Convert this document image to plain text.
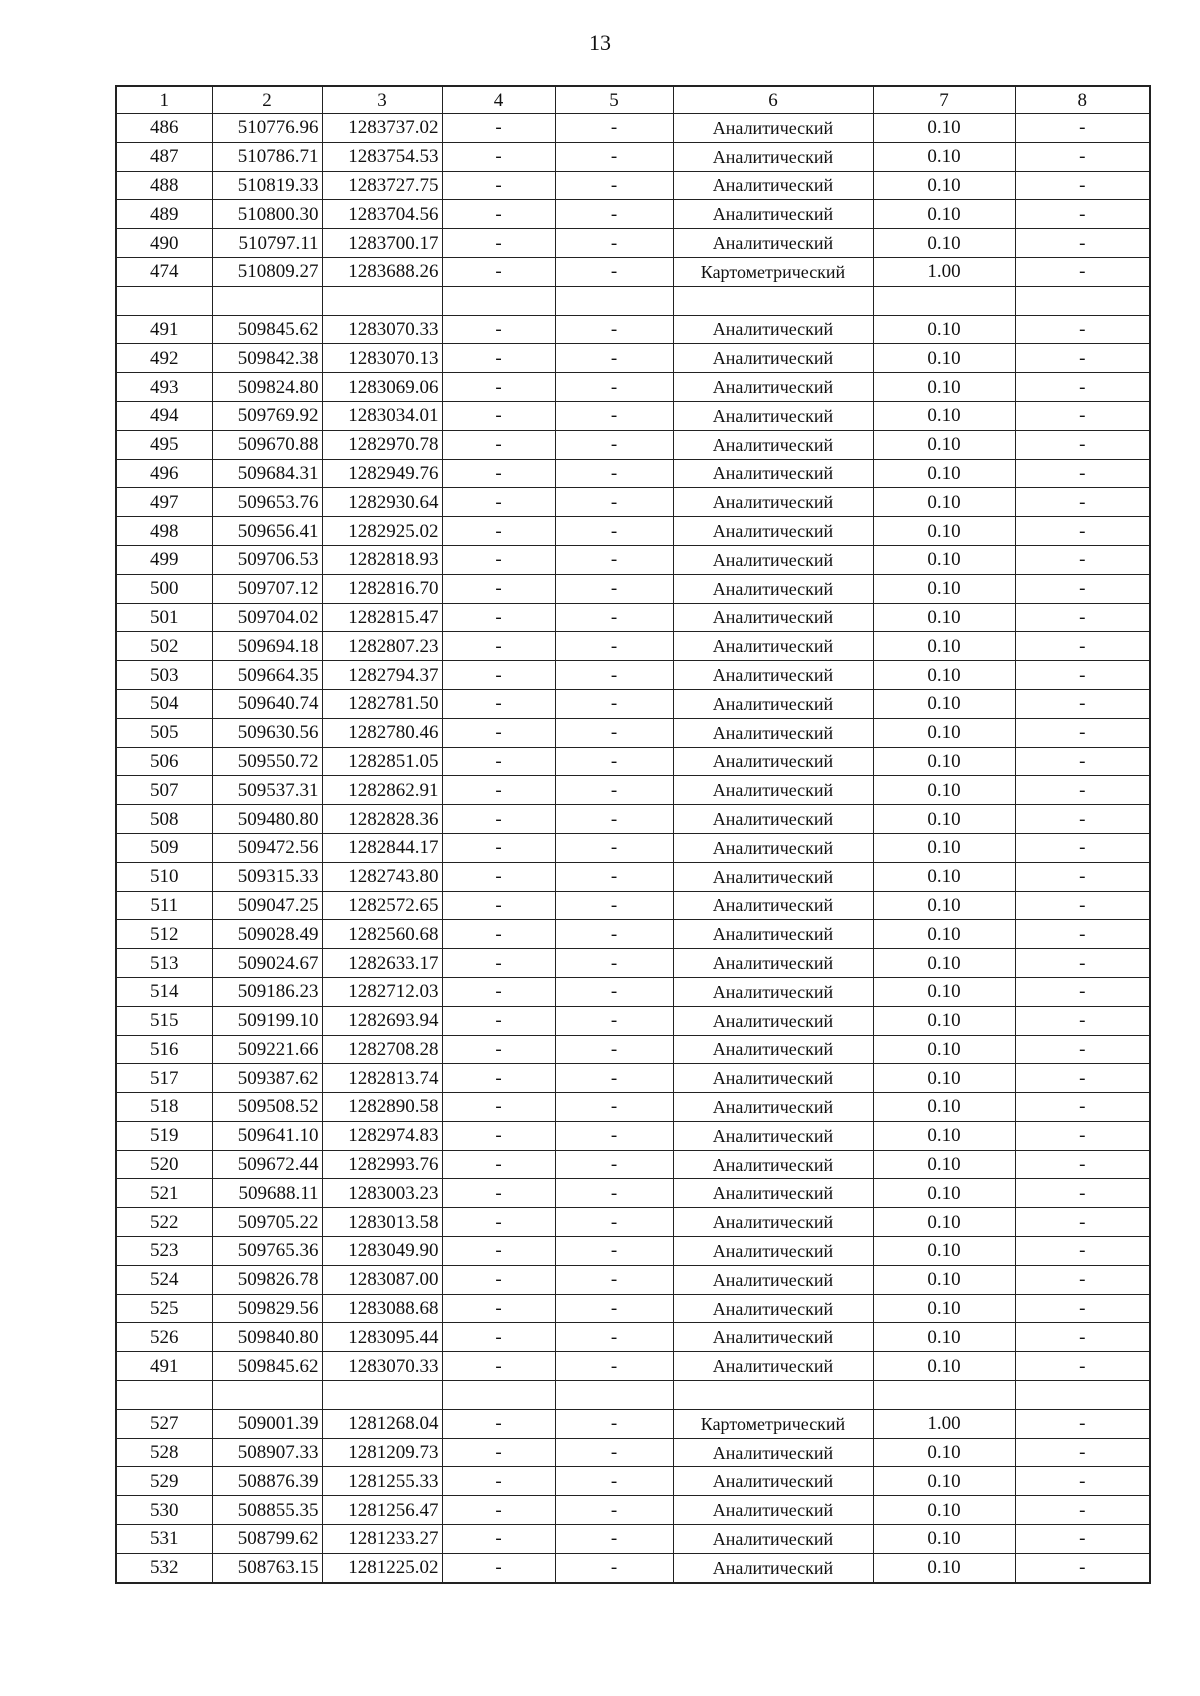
13
1	2	3	4	5	6	7	8
486	510776.96	1283737.02	-	-	Аналитический	0.10	-
487	510786.71	1283754.53	-	-	Аналитический	0.10	-
488	510819.33	1283727.75	-	-	Аналитический	0.10	-
489	510800.30	1283704.56	-	-	Аналитический	0.10	-
490	510797.11	1283700.17	-	-	Аналитический	0.10	-
474	510809.27	1283688.26	-	-	Картометрический	1.00	-

491	509845.62	1283070.33	-	-	Аналитический	0.10	-
492	509842.38	1283070.13	-	-	Аналитический	0.10	-
493	509824.80	1283069.06	-	-	Аналитический	0.10	-
494	509769.92	1283034.01	-	-	Аналитический	0.10	-
495	509670.88	1282970.78	-	-	Аналитический	0.10	-
496	509684.31	1282949.76	-	-	Аналитический	0.10	-
497	509653.76	1282930.64	-	-	Аналитический	0.10	-
498	509656.41	1282925.02	-	-	Аналитический	0.10	-
499	509706.53	1282818.93	-	-	Аналитический	0.10	-
500	509707.12	1282816.70	-	-	Аналитический	0.10	-
501	509704.02	1282815.47	-	-	Аналитический	0.10	-
502	509694.18	1282807.23	-	-	Аналитический	0.10	-
503	509664.35	1282794.37	-	-	Аналитический	0.10	-
504	509640.74	1282781.50	-	-	Аналитический	0.10	-
505	509630.56	1282780.46	-	-	Аналитический	0.10	-
506	509550.72	1282851.05	-	-	Аналитический	0.10	-
507	509537.31	1282862.91	-	-	Аналитический	0.10	-
508	509480.80	1282828.36	-	-	Аналитический	0.10	-
509	509472.56	1282844.17	-	-	Аналитический	0.10	-
510	509315.33	1282743.80	-	-	Аналитический	0.10	-
511	509047.25	1282572.65	-	-	Аналитический	0.10	-
512	509028.49	1282560.68	-	-	Аналитический	0.10	-
513	509024.67	1282633.17	-	-	Аналитический	0.10	-
514	509186.23	1282712.03	-	-	Аналитический	0.10	-
515	509199.10	1282693.94	-	-	Аналитический	0.10	-
516	509221.66	1282708.28	-	-	Аналитический	0.10	-
517	509387.62	1282813.74	-	-	Аналитический	0.10	-
518	509508.52	1282890.58	-	-	Аналитический	0.10	-
519	509641.10	1282974.83	-	-	Аналитический	0.10	-
520	509672.44	1282993.76	-	-	Аналитический	0.10	-
521	509688.11	1283003.23	-	-	Аналитический	0.10	-
522	509705.22	1283013.58	-	-	Аналитический	0.10	-
523	509765.36	1283049.90	-	-	Аналитический	0.10	-
524	509826.78	1283087.00	-	-	Аналитический	0.10	-
525	509829.56	1283088.68	-	-	Аналитический	0.10	-
526	509840.80	1283095.44	-	-	Аналитический	0.10	-
491	509845.62	1283070.33	-	-	Аналитический	0.10	-

527	509001.39	1281268.04	-	-	Картометрический	1.00	-
528	508907.33	1281209.73	-	-	Аналитический	0.10	-
529	508876.39	1281255.33	-	-	Аналитический	0.10	-
530	508855.35	1281256.47	-	-	Аналитический	0.10	-
531	508799.62	1281233.27	-	-	Аналитический	0.10	-
532	508763.15	1281225.02	-	-	Аналитический	0.10	-
